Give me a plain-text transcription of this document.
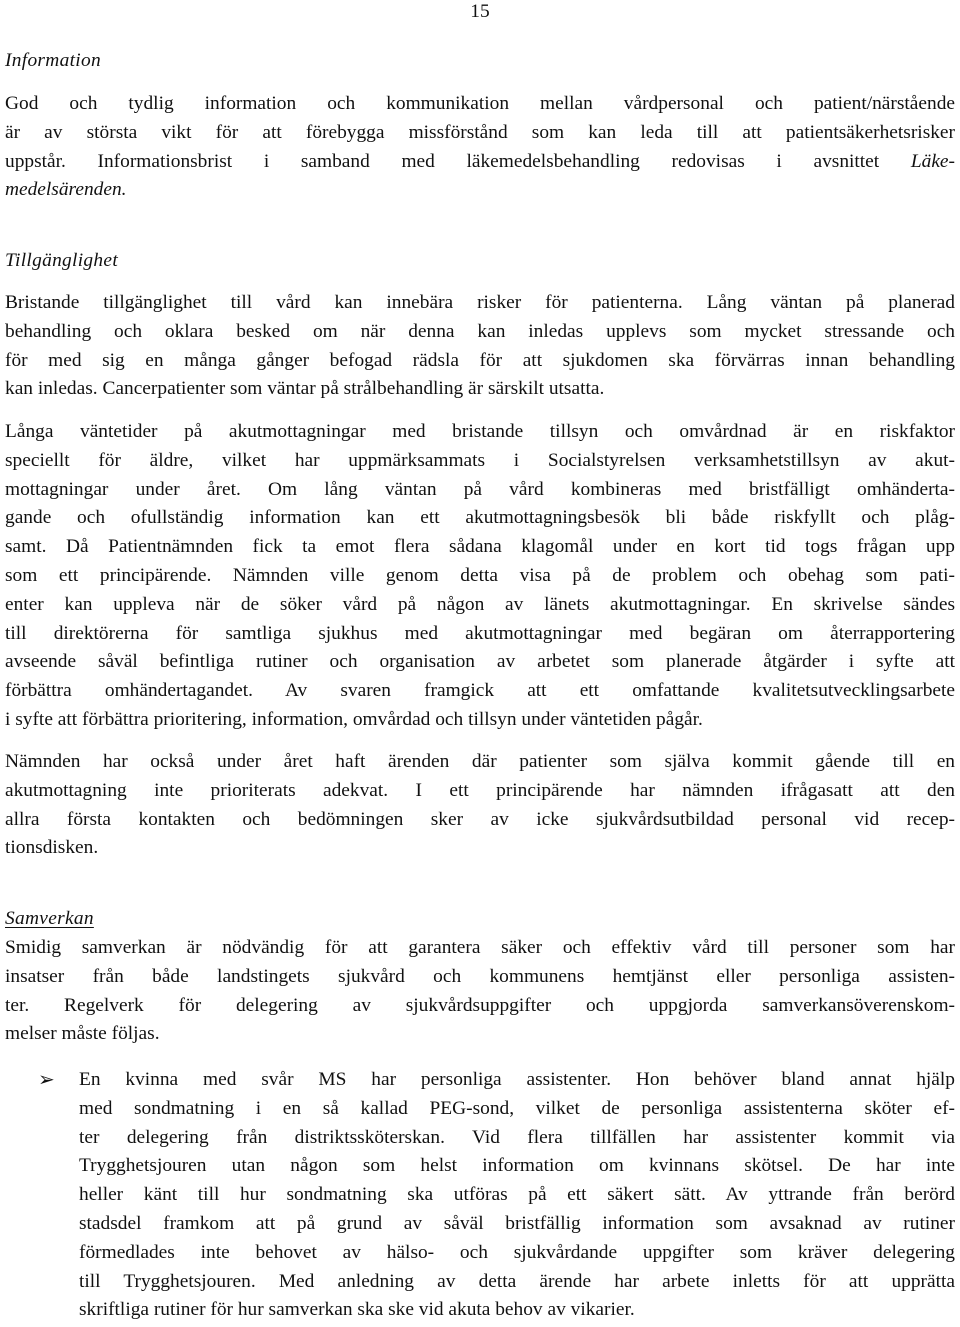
15
Information
God och tydlig information och kommunikation mellan vårdpersonal och patient/närstående
är av största vikt för att förebygga missförstånd som kan leda till att patientsäkerhetsrisker
uppstår. Informationsbrist i samband med läkemedelsbehandling redovisas i avsnittet Läke-
medelsärenden.
Tillgänglighet
Bristande tillgänglighet till vård kan innebära risker för patienterna. Lång väntan på planerad
behandling och oklara besked om när denna kan inledas upplevs som mycket stressande och
för med sig en många gånger befogad rädsla för att sjukdomen ska förvärras innan behandling
kan inledas. Cancerpatienter som väntar på strålbehandling är särskilt utsatta.
Långa väntetider på akutmottagningar med bristande tillsyn och omvårdnad är en riskfaktor
speciellt för äldre, vilket har uppmärksammats i Socialstyrelsen verksamhetstillsyn av akut-
mottagningar under året. Om lång väntan på vård kombineras med bristfälligt omhänderta-
gande och ofullständig information kan ett akutmottagningsbesök bli både riskfyllt och plåg-
samt. Då Patientnämnden fick ta emot flera sådana klagomål under en kort tid togs frågan upp
som ett principärende. Nämnden ville genom detta visa på de problem och obehag som pati-
enter kan uppleva när de söker vård på någon av länets akutmottagningar. En skrivelse sändes
till direktörerna för samtliga sjukhus med akutmottagningar med begäran om återrapportering
avseende såväl befintliga rutiner och organisation av arbetet som planerade åtgärder i syfte att
förbättra omhändertagandet. Av svaren framgick att ett omfattande kvalitetsutvecklingsarbete
i syfte att förbättra prioritering, information, omvårdad och tillsyn under väntetiden pågår.
Nämnden har också under året haft ärenden där patienter som själva kommit gående till en
akutmottagning inte prioriterats adekvat. I ett principärende har nämnden ifrågasatt att den
allra första kontakten och bedömningen sker av icke sjukvårdsutbildad personal vid recep-
tionsdisken.
Samverkan
Smidig samverkan är nödvändig för att garantera säker och effektiv vård till personer som har
insatser från både landstingets sjukvård och kommunens hemtjänst eller personliga assisten-
ter. Regelverk för delegering av sjukvårdsuppgifter och uppgjorda samverkansöverenskom-
melser måste följas.
➢ En kvinna med svår MS har personliga assistenter. Hon behöver bland annat hjälp
med sondmatning i en så kallad PEG-sond, vilket de personliga assistenterna sköter ef-
ter delegering från distriktssköterskan. Vid flera tillfällen har assistenter kommit via
Trygghetsjouren utan någon som helst information om kvinnans skötsel. De har inte
heller känt till hur sondmatning ska utföras på ett säkert sätt. Av yttrande från berörd
stadsdel framkom att på grund av såväl bristfällig information som avsaknad av rutiner
förmedlades inte behovet av hälso- och sjukvårdande uppgifter som kräver delegering
till Trygghetsjouren. Med anledning av detta ärende har arbete inletts för att upprätta
skriftliga rutiner för hur samverkan ska ske vid akuta behov av vikarier.
